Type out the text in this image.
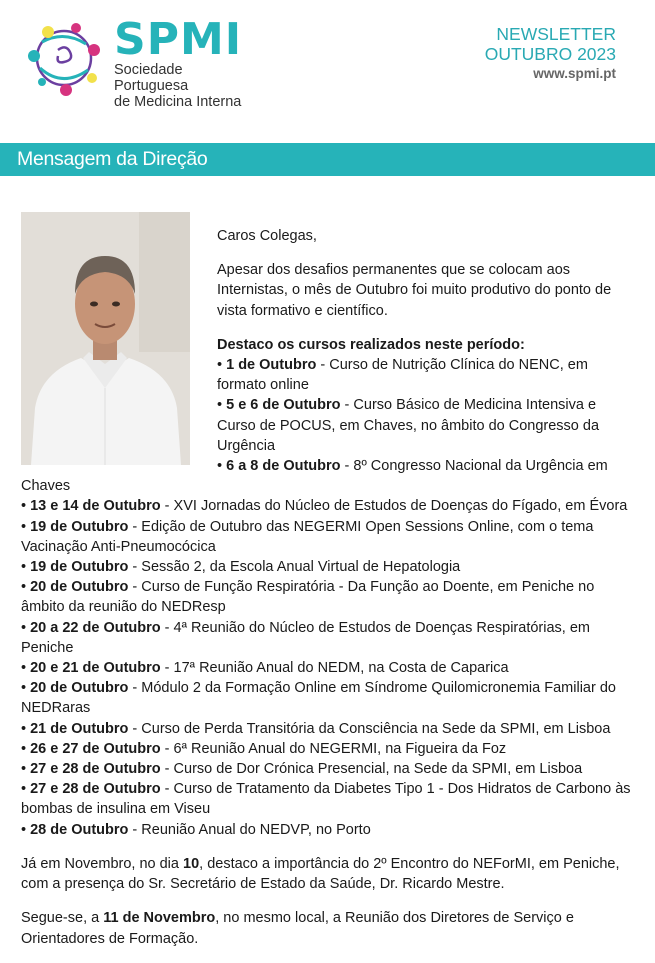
SPMI
Sociedade Portuguesa
de Medicina Interna
NEWSLETTER
OUTUBRO 2023
www.spmi.pt
Mensagem da Direção

Caros Colegas,

Apesar dos desafios permanentes que se colocam aos Internistas, o mês de Outubro foi muito produtivo do ponto de vista formativo e científico.

Destaco os cursos realizados neste período:
• 1 de Outubro - Curso de Nutrição Clínica do NENC, em formato online
• 5 e 6 de Outubro - Curso Básico de Medicina Intensiva e Curso de POCUS, em Chaves, no âmbito do Congresso da Urgência
• 6 a 8 de Outubro - 8º Congresso Nacional da Urgência em Chaves
• 13 e 14 de Outubro - XVI Jornadas do Núcleo de Estudos de Doenças do Fígado, em Évora
• 19 de Outubro - Edição de Outubro das NEGERMI Open Sessions Online, com o tema Vacinação Anti-Pneumocócica
• 19 de Outubro - Sessão 2, da Escola Anual Virtual de Hepatologia
• 20 de Outubro - Curso de Função Respiratória - Da Função ao Doente, em Peniche no âmbito da reunião do NEDResp
• 20 a 22 de Outubro - 4ª Reunião do Núcleo de Estudos de Doenças Respiratórias, em Peniche
• 20 e 21 de Outubro - 17ª Reunião Anual do NEDM, na Costa de Caparica
• 20 de Outubro - Módulo 2 da Formação Online em Síndrome Quilomicronemia Familiar do NEDRaras
• 21 de Outubro - Curso de Perda Transitória da Consciência na Sede da SPMI, em Lisboa
• 26 e 27 de Outubro - 6ª Reunião Anual do NEGERMI, na Figueira da Foz
• 27 e 28 de Outubro - Curso de Dor Crónica Presencial, na Sede da SPMI, em Lisboa
• 27 e 28 de Outubro - Curso de Tratamento da Diabetes Tipo 1 - Dos Hidratos de Carbono às bombas de insulina em Viseu
• 28 de Outubro - Reunião Anual do NEDVP, no Porto

Já em Novembro, no dia 10, destaco a importância do 2º Encontro do NEForMI, em Peniche, com a presença do Sr. Secretário de Estado da Saúde, Dr. Ricardo Mestre.

Segue-se, a 11 de Novembro, no mesmo local, a Reunião dos Diretores de Serviço e Orientadores de Formação.
